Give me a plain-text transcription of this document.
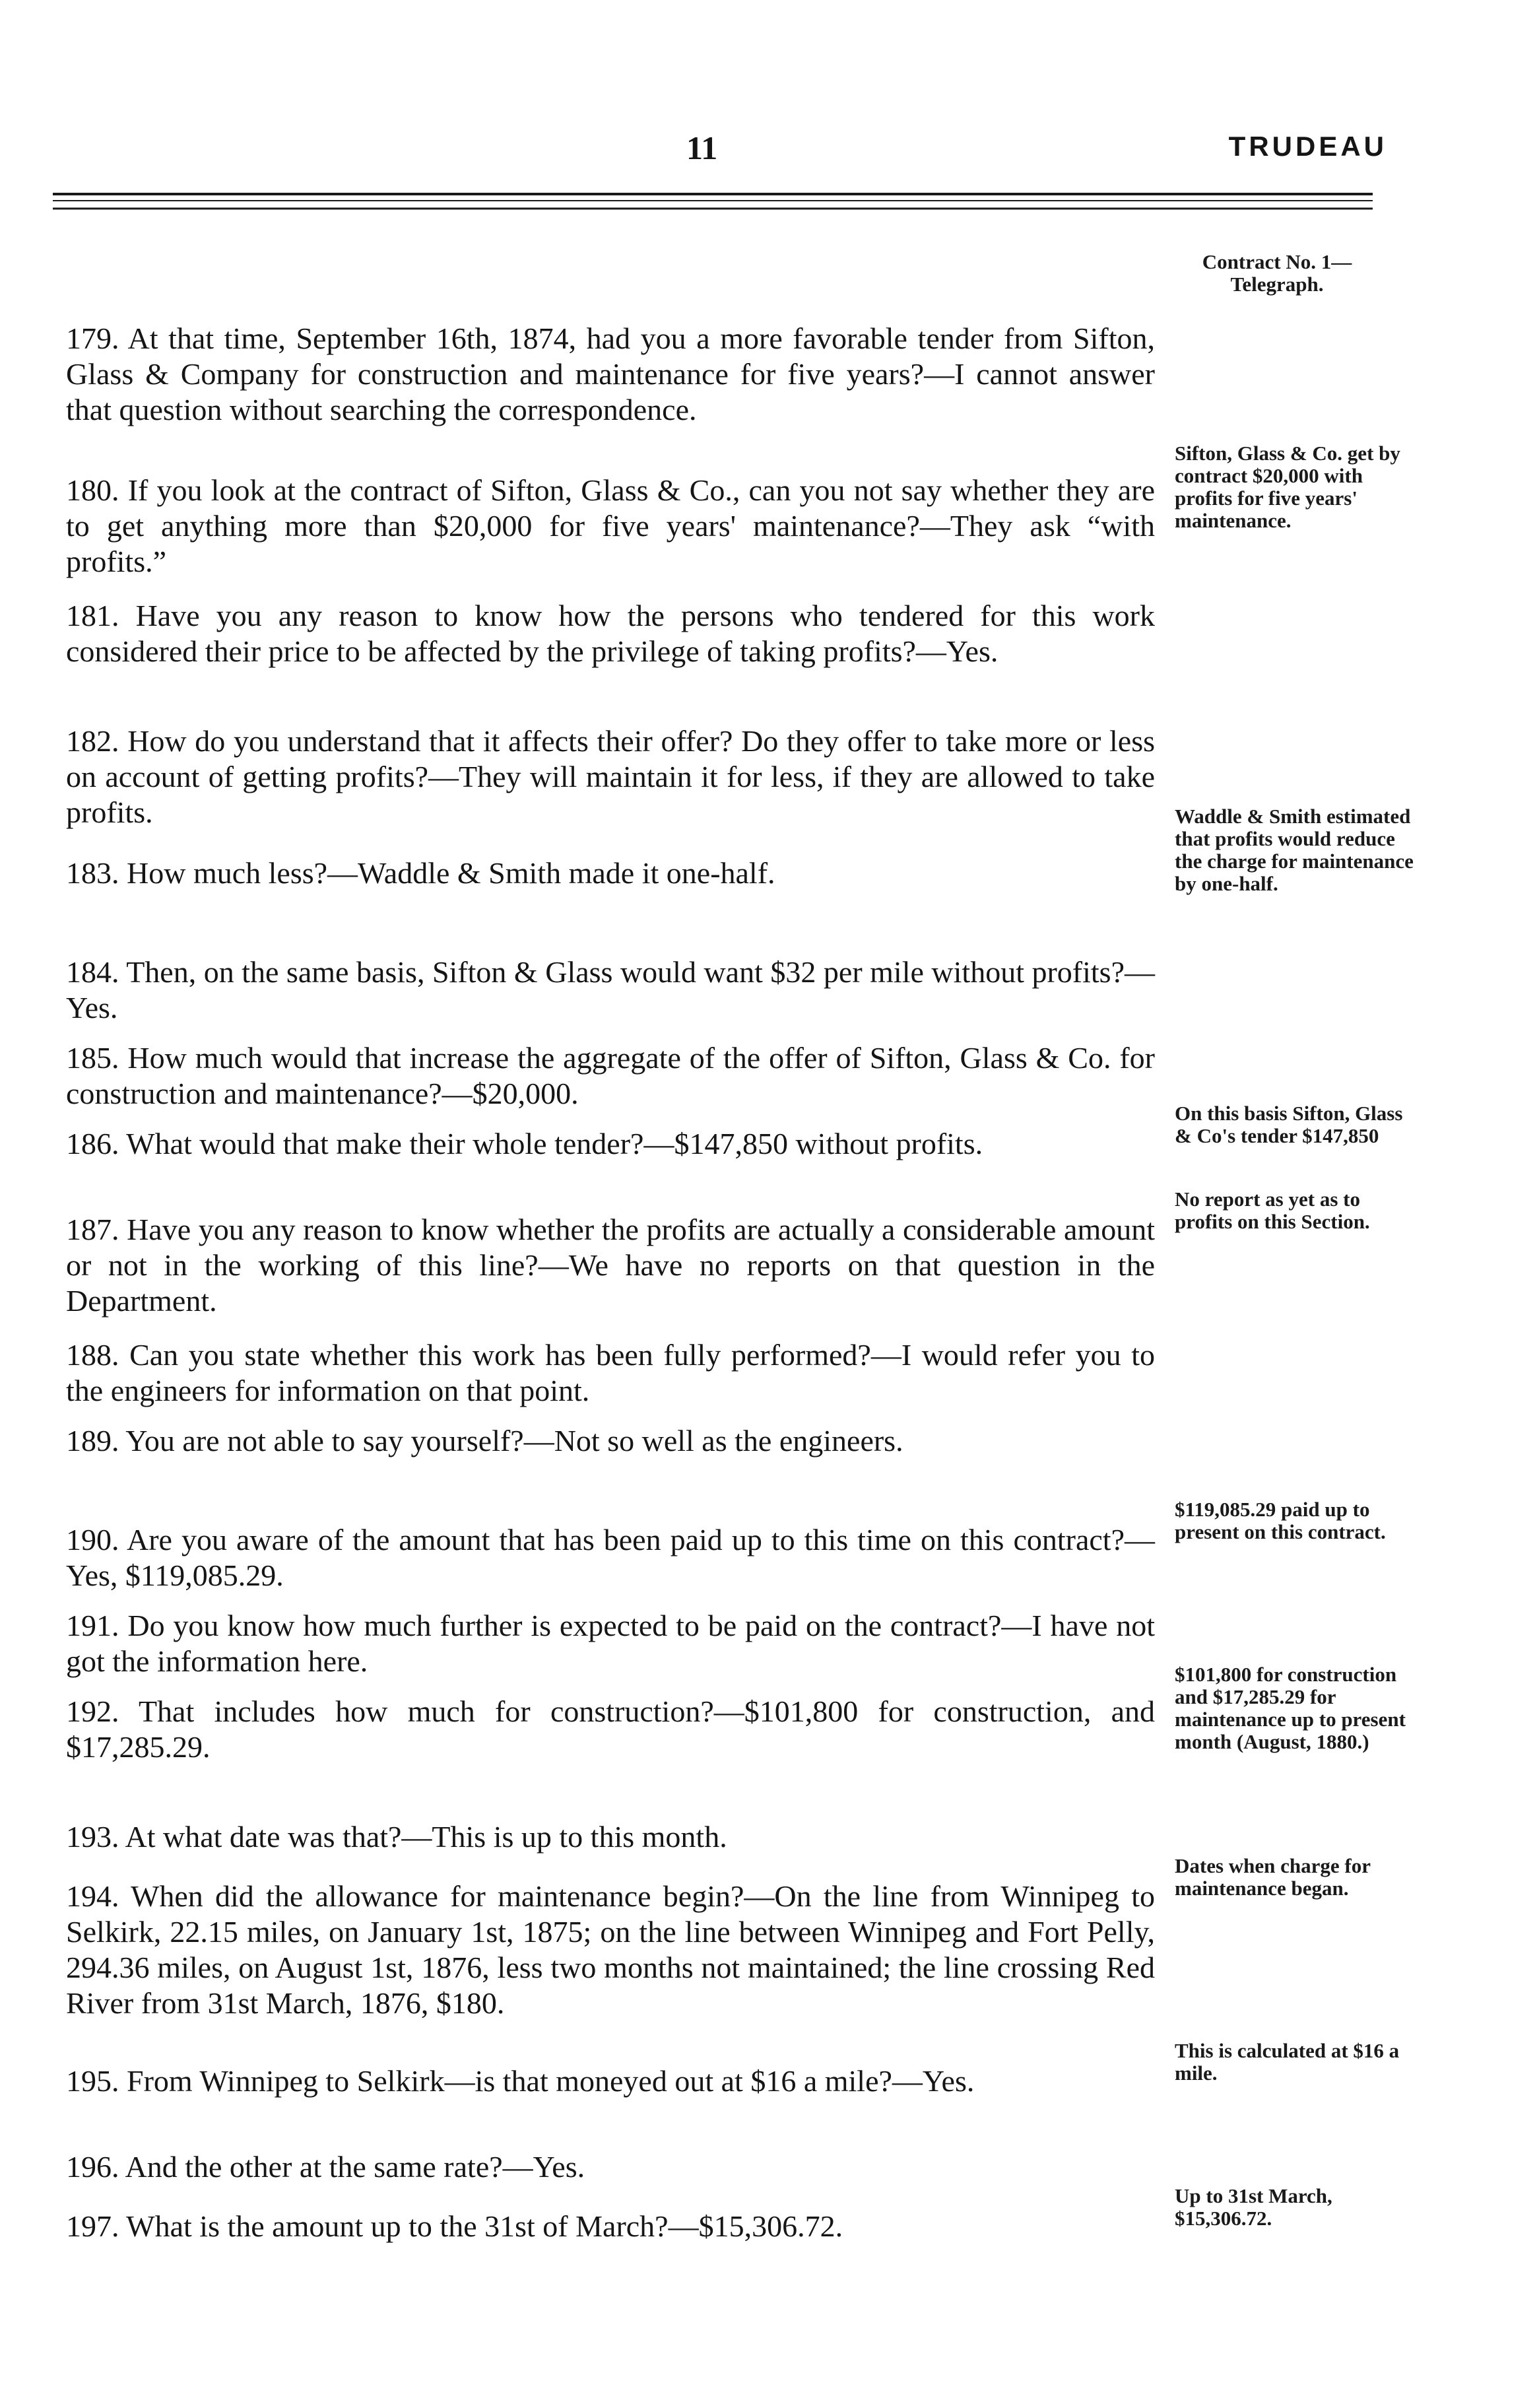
11	TRUDEAU

179. At that time, September 16th, 1874, had you a more favorable tender from Sifton, Glass & Company for construction and maintenance for five years?—I cannot answer that question without searching the correspondence.

180. If you look at the contract of Sifton, Glass & Co., can you not say whether they are to get anything more than $20,000 for five years' maintenance?—They ask “with profits.”

181. Have you any reason to know how the persons who tendered for this work considered their price to be affected by the privilege of taking profits?—Yes.

182. How do you understand that it affects their offer? Do they offer to take more or less on account of getting profits?—They will maintain it for less, if they are allowed to take profits.

183. How much less?—Waddle & Smith made it one-half.

184. Then, on the same basis, Sifton & Glass would want $32 per mile without profits?—Yes.

185. How much would that increase the aggregate of the offer of Sifton, Glass & Co. for construction and maintenance?—$20,000.

186. What would that make their whole tender?—$147,850 without profits.

187. Have you any reason to know whether the profits are actually a considerable amount or not in the working of this line?—We have no reports on that question in the Department.

188. Can you state whether this work has been fully performed?—I would refer you to the engineers for information on that point.

189. You are not able to say yourself?—Not so well as the engineers.

190. Are you aware of the amount that has been paid up to this time on this contract?—Yes, $119,085.29.

191. Do you know how much further is expected to be paid on the contract?—I have not got the information here.

192. That includes how much for construction?—$101,800 for construction, and $17,285.29.

193. At what date was that?—This is up to this month.

194. When did the allowance for maintenance begin?—On the line from Winnipeg to Selkirk, 22.15 miles, on January 1st, 1875; on the line between Winnipeg and Fort Pelly, 294.36 miles, on August 1st, 1876, less two months not maintained; the line crossing Red River from 31st March, 1876, $180.

195. From Winnipeg to Selkirk—is that moneyed out at $16 a mile?—Yes.

196. And the other at the same rate?—Yes.

197. What is the amount up to the 31st of March?—$15,306.72.

Contract No. 1—Telegraph.
Sifton, Glass & Co. get by contract $20,000 with profits for five years' maintenance.
Waddle & Smith estimated that profits would reduce the charge for maintenance by one-half.
On this basis Sifton, Glass & Co's tender $147,850
No report as yet as to profits on this Section.
$119,085.29 paid up to present on this contract.
$101,800 for construction and $17,285.29 for maintenance up to present month (August, 1880.)
Dates when charge for maintenance began.
This is calculated at $16 a mile.
Up to 31st March, $15,306.72.
